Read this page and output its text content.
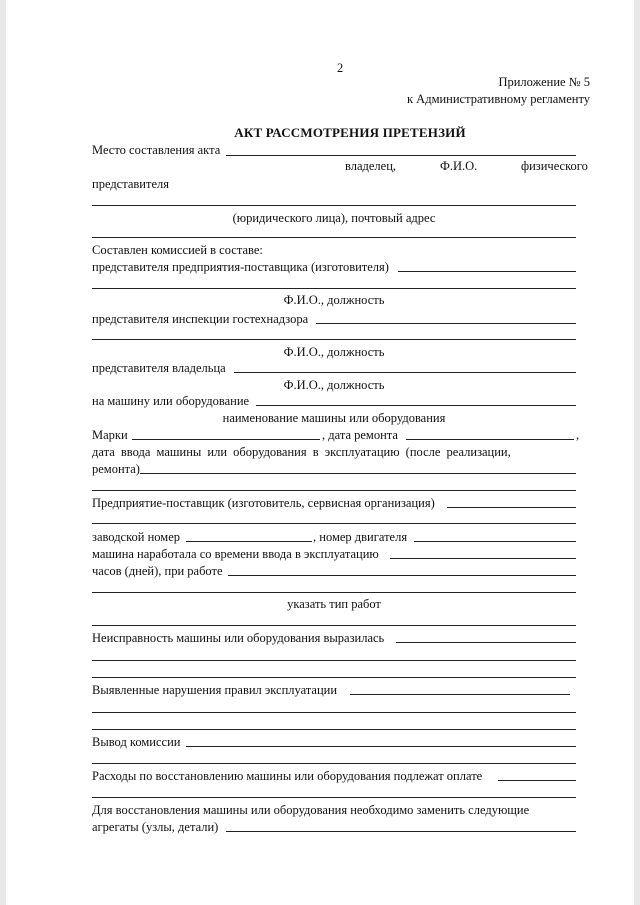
2
Приложение № 5
к Административному регламенту
АКТ РАССМОТРЕНИЯ ПРЕТЕНЗИЙ
Место составления акта
владелец,	Ф.И.О.	физического
представителя
(юридического лица), почтовый адрес
Составлен комиссией в составе:
представителя предприятия-поставщика (изготовителя)
Ф.И.О., должность
представителя инспекции гостехнадзора
Ф.И.О., должность
представителя владельца
Ф.И.О., должность
на машину или оборудование
наименование машины или оборудования
Марки	, дата ремонта	,
дата ввода машины или оборудования в эксплуатацию (после реализации,
ремонта)
Предприятие-поставщик (изготовитель, сервисная организация)
заводской номер	, номер двигателя
машина наработала со времени ввода в эксплуатацию
часов (дней), при работе
указать тип работ
Неисправность машины или оборудования выразилась
Выявленные нарушения правил эксплуатации
Вывод комиссии
Расходы по восстановлению машины или оборудования подлежат оплате
Для восстановления машины или оборудования необходимо заменить следующие
агрегаты (узлы, детали)
